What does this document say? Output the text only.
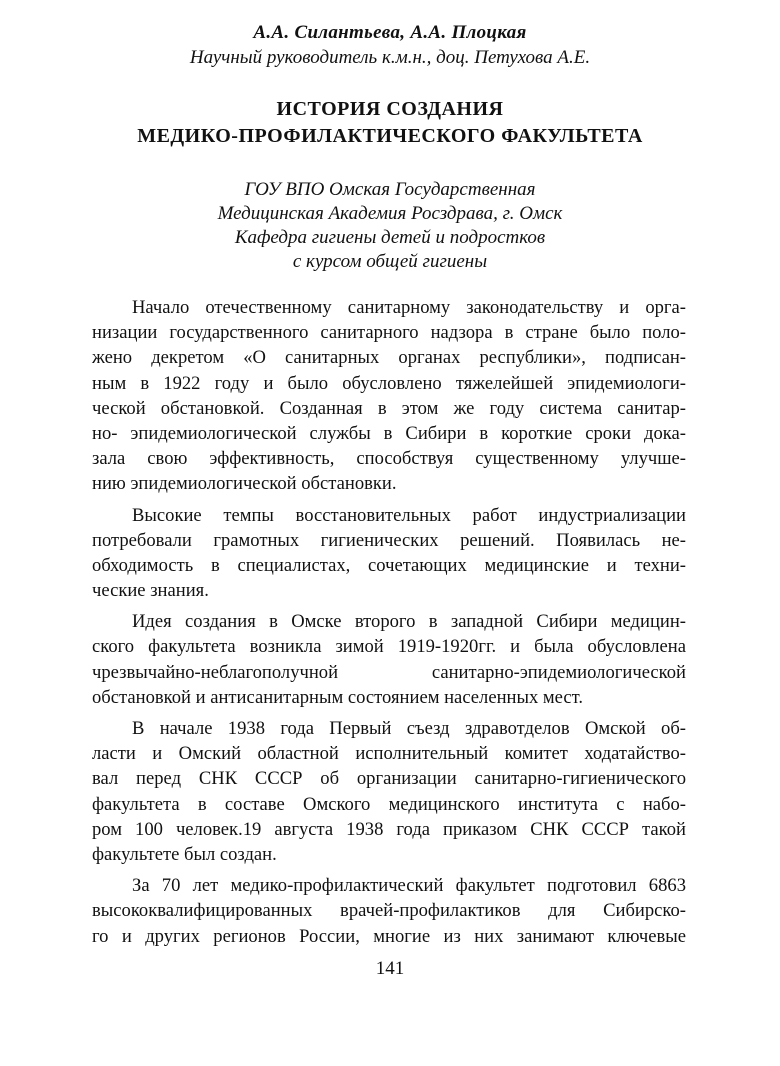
А.А. Силантьева, А.А. Плоцкая
Научный руководитель к.м.н., доц. Петухова А.Е.
ИСТОРИЯ СОЗДАНИЯ
МЕДИКО-ПРОФИЛАКТИЧЕСКОГО ФАКУЛЬТЕТА
ГОУ ВПО Омская Государственная
Медицинская Академия Росздрава, г. Омск
Кафедра гигиены детей и подростков
с курсом общей гигиены
Начало отечественному санитарному законодательству и орга-
низации государственного санитарного надзора в стране было поло-
жено декретом «О санитарных органах республики», подписан-
ным в 1922 году и было обусловлено тяжелейшей эпидемиологи-
ческой обстановкой. Созданная в этом же году система санитар-
но- эпидемиологической службы в Сибири в короткие сроки дока-
зала свою эффективность, способствуя существенному улучше-
нию эпидемиологической обстановки.
Высокие темпы восстановительных работ индустриализации
потребовали грамотных гигиенических решений. Появилась не-
обходимость в специалистах, сочетающих медицинские и техни-
ческие знания.
Идея создания в Омске второго в западной Сибири медицин-
ского факультета возникла зимой 1919-1920гг. и была обусловлена
чрезвычайно-неблагополучной санитарно-эпидемиологической
обстановкой и антисанитарным состоянием населенных мест.
В начале 1938 года Первый съезд здравотделов Омской об-
ласти и Омский областной исполнительный комитет ходатайство-
вал перед СНК СССР об организации санитарно-гигиенического
факультета в составе Омского медицинского института с набо-
ром 100 человек.19 августа 1938 года приказом СНК СССР такой
факультете был создан.
За 70 лет медико-профилактический факультет подготовил 6863
высококвалифицированных врачей-профилактиков для Сибирско-
го и других регионов России, многие из них занимают ключевые
141
